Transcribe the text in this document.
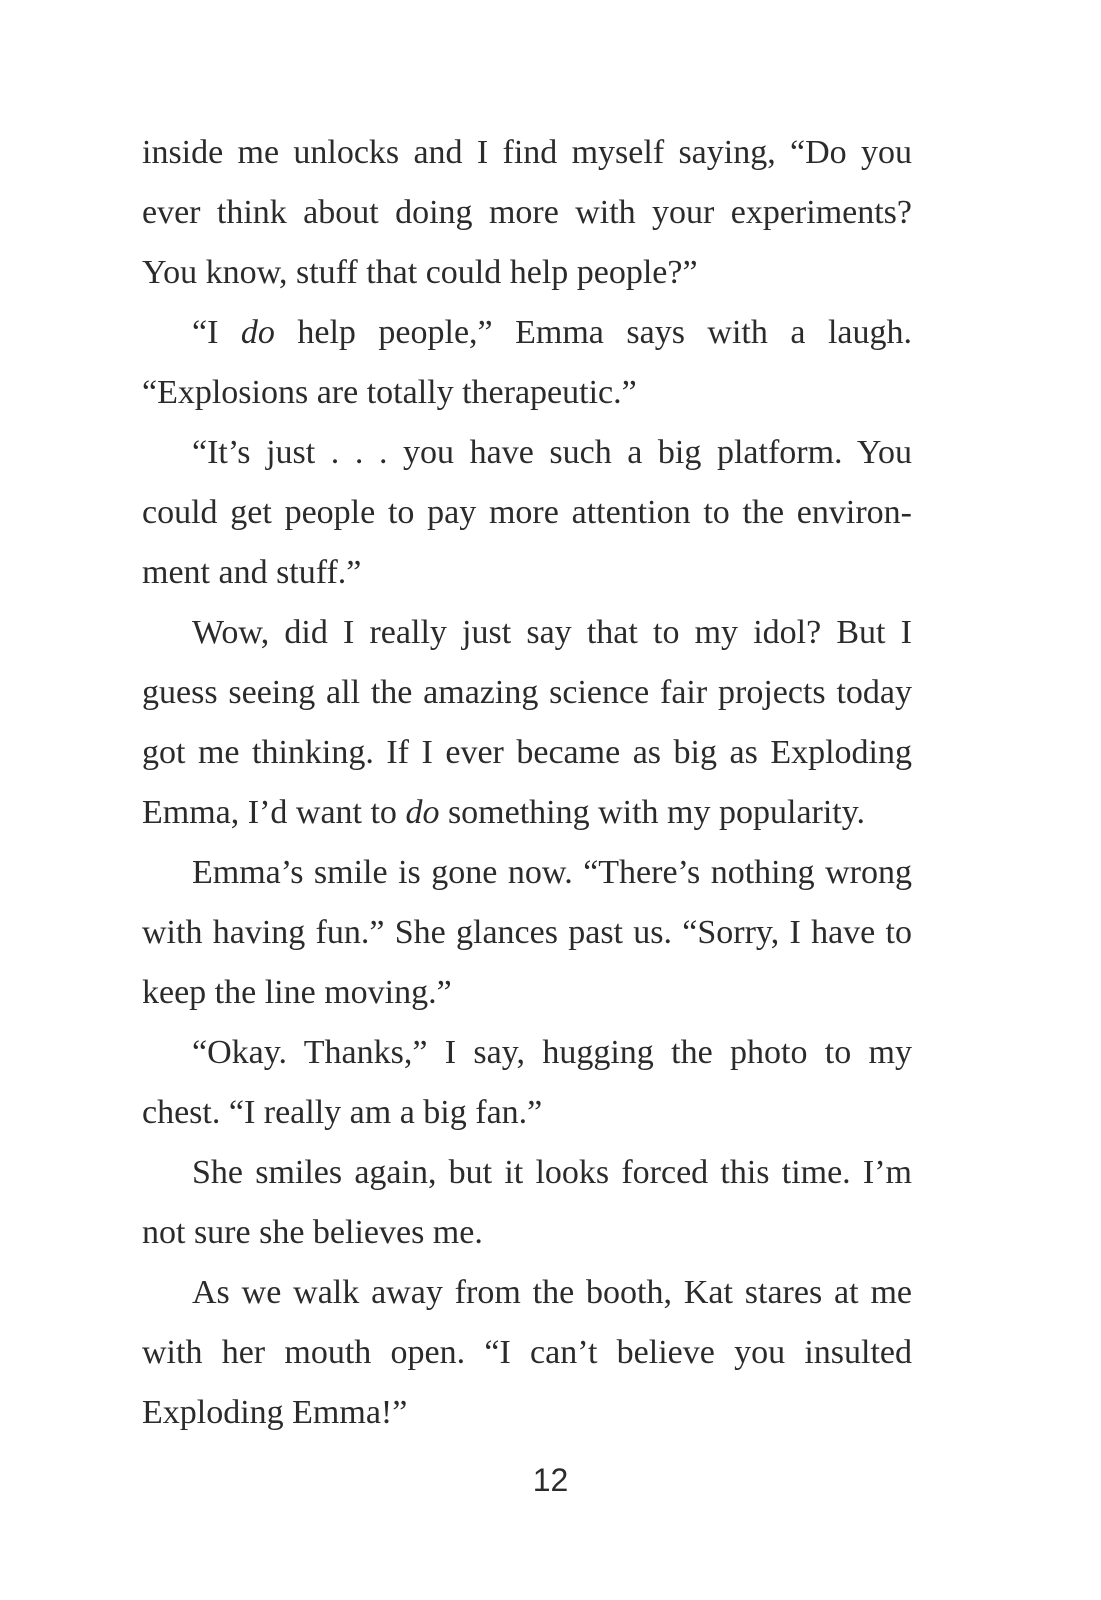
inside me unlocks and I find myself saying, “Do you ever think about doing more with your experiments? You know, stuff that could help people?”

“I do help people,” Emma says with a laugh. “Explosions are totally therapeutic.”

“It’s just . . . you have such a big platform. You could get people to pay more attention to the environment and stuff.”

Wow, did I really just say that to my idol? But I guess seeing all the amazing science fair projects today got me thinking. If I ever became as big as Exploding Emma, I’d want to do something with my popularity.

Emma’s smile is gone now. “There’s nothing wrong with having fun.” She glances past us. “Sorry, I have to keep the line moving.”

“Okay. Thanks,” I say, hugging the photo to my chest. “I really am a big fan.”

She smiles again, but it looks forced this time. I’m not sure she believes me.

As we walk away from the booth, Kat stares at me with her mouth open. “I can’t believe you insulted Exploding Emma!”

12
